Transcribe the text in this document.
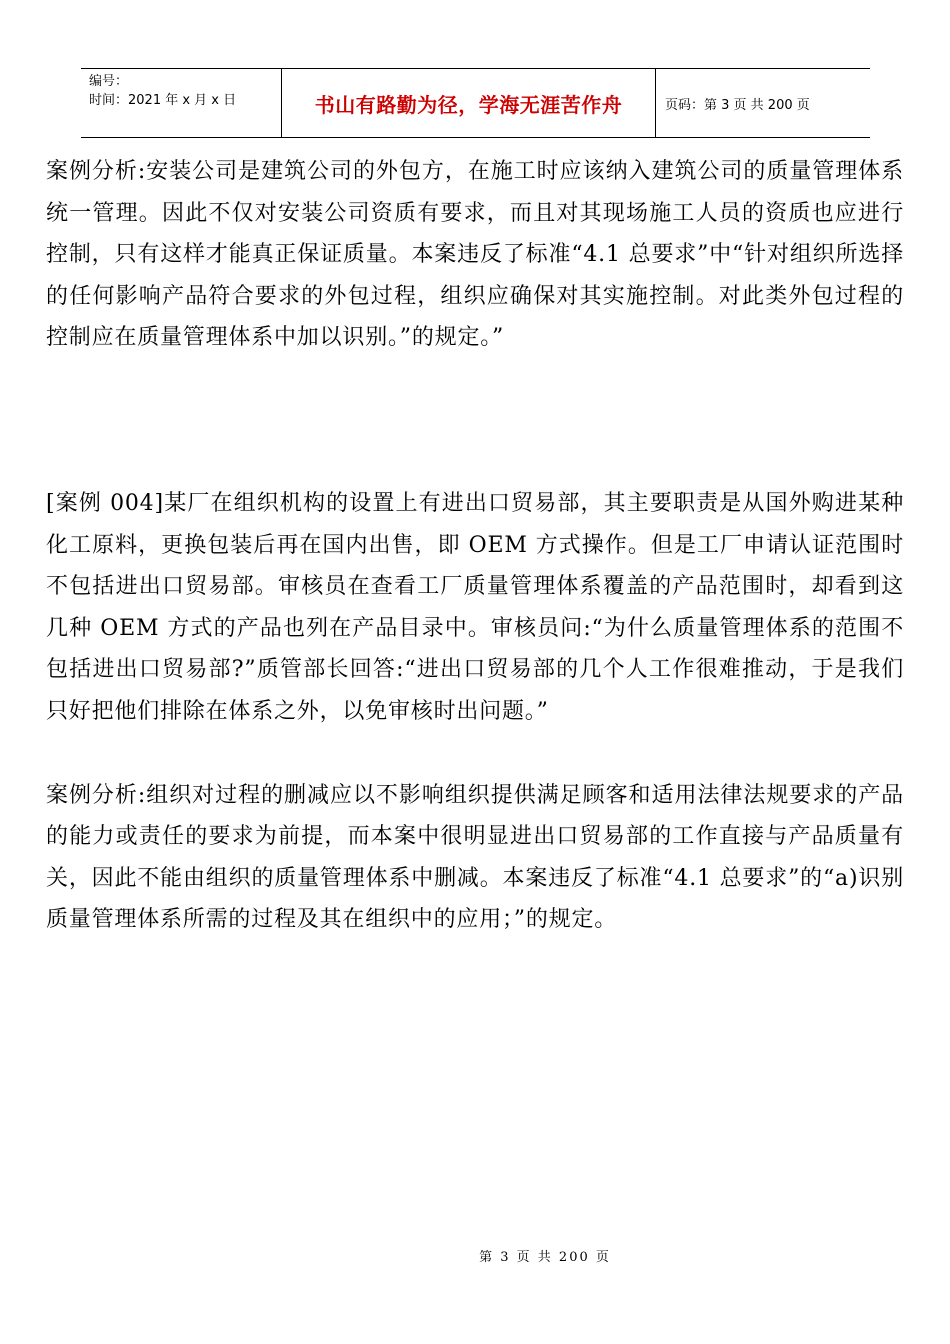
编号：
时间：2021 年 x 月 x 日	书山有路勤为径，学海无涯苦作舟	页码：第 3 页 共 200 页

案例分析:安装公司是建筑公司的外包方，在施工时应该纳入建筑公司的质量管理体系统一管理。因此不仅对安装公司资质有要求，而且对其现场施工人员的资质也应进行控制，只有这样才能真正保证质量。本案违反了标准“4.1 总要求”中“针对组织所选择的任何影响产品符合要求的外包过程，组织应确保对其实施控制。对此类外包过程的控制应在质量管理体系中加以识别。”的规定。”

[案例 004]某厂在组织机构的设置上有进出口贸易部，其主要职责是从国外购进某种化工原料，更换包装后再在国内出售，即 OEM 方式操作。但是工厂申请认证范围时不包括进出口贸易部。审核员在查看工厂质量管理体系覆盖的产品范围时，却看到这几种 OEM 方式的产品也列在产品目录中。审核员问:“为什么质量管理体系的范围不包括进出口贸易部?”质管部长回答:“进出口贸易部的几个人工作很难推动，于是我们只好把他们排除在体系之外，以免审核时出问题。”

案例分析:组织对过程的删减应以不影响组织提供满足顾客和适用法律法规要求的产品的能力或责任的要求为前提，而本案中很明显进出口贸易部的工作直接与产品质量有关，因此不能由组织的质量管理体系中删减。本案违反了标准“4.1 总要求”的“a)识别质量管理体系所需的过程及其在组织中的应用；”的规定。

第 3 页 共 200 页
